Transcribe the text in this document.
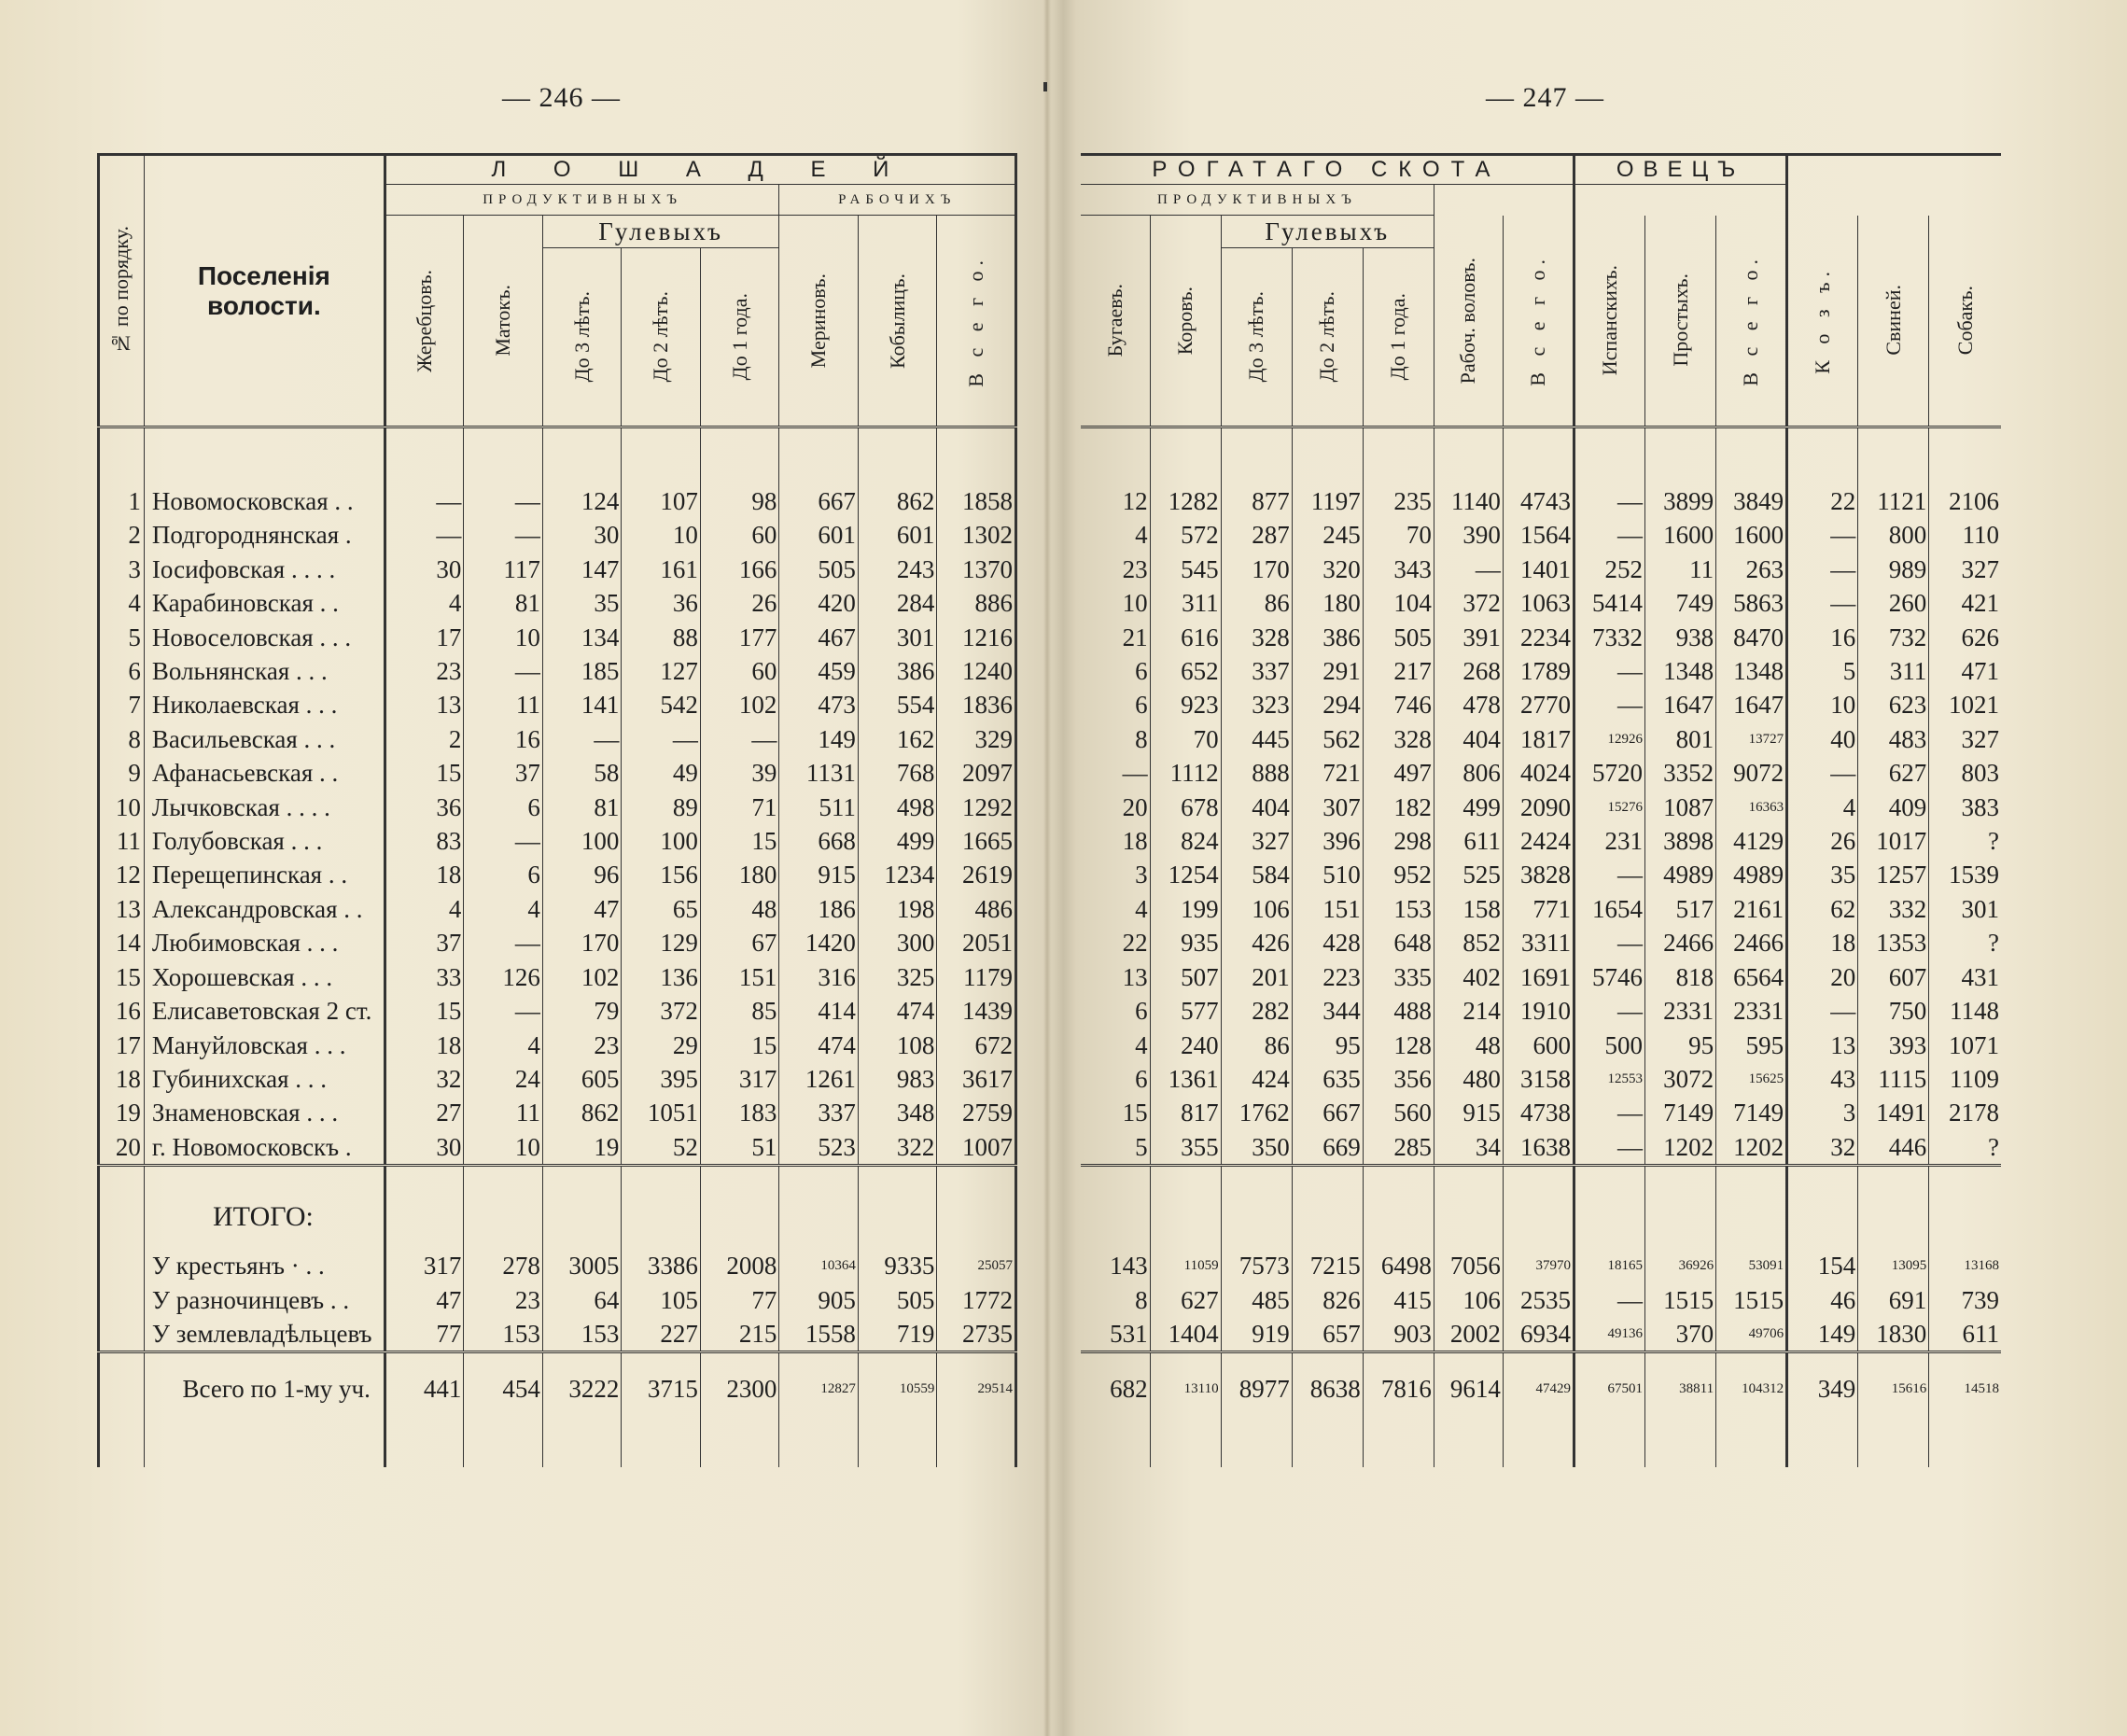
— 246 —	— 247 —
№ по порядку.	Поселенія волости.	Л О Ш А Д Е Й							
		ПРОДУКТИВНЫХЪ					РАБОЧИХЪ		

		Жеребцовъ.	Матокъ.	Гулевыхъ			Мериновъ.	Кобылицъ.	В с е г о.

				До 3 лѣтъ.	До 2 лѣтъ.	До 1 года.			

1	Новомосковская . .	—	—	124	107	98	667	862	1858
2	Подгороднянская .	—	—	30	10	60	601	601	1302
3	Іосифовская . . . .	30	117	147	161	166	505	243	1370
4	Карабиновская . .	4	81	35	36	26	420	284	886
5	Новоселовская . . .	17	10	134	88	177	467	301	1216
6	Вольнянская . . .	23	—	185	127	60	459	386	1240
7	Николаевская . . .	13	11	141	542	102	473	554	1836
8	Васильевская . . .	2	16	—	—	—	149	162	329
9	Афанасьевская . .	15	37	58	49	39	1131	768	2097
10	Лычковская . . . .	36	6	81	89	71	511	498	1292
11	Голубовская . . .	83	—	100	100	15	668	499	1665
12	Перещепинская . .	18	6	96	156	180	915	1234	2619
13	Александровская . .	4	4	47	65	48	186	198	486
14	Любимовская . . .	37	—	170	129	67	1420	300	2051
15	Хорошевская . . .	33	126	102	136	151	316	325	1179
16	Елисаветовская 2 ст.	15	—	79	372	85	414	474	1439
17	Мануйловская . . .	18	4	23	29	15	474	108	672
18	Губинихская . . .	32	24	605	395	317	1261	983	3617
19	Знаменовская . . .	27	11	862	1051	183	337	348	2759
20	г. Новомосковскъ .	30	10	19	52	51	523	322	1007
	ИТОГО:								

	У крестьянъ · . .	317	278	3005	3386	2008	10364	9335	25057
	У разночинцевъ . .	47	23	64	105	77	905	505	1772
	У землевладѣльцевъ	77	153	153	227	215	1558	719	2735
	Всего по 1-му уч.	441	454	3222	3715	2300	12827	10559	29514

РОГАТАГО СКОТА							ОВЕЦЪ					
ПРОДУКТИВНЫХЪ												

Бугаевъ.	Коровъ.	Гулевыхъ			Рабоч. воловъ.	В с е г о.	Испанскихъ.	Простыхъ.	В с е г о.	К о з ъ.	Свиней.	Собакъ.

		До 3 лѣтъ.	До 2 лѣтъ.	До 1 года.								

12	1282	877	1197	235	1140	4743	—	3899	3849	22	1121	2106
4	572	287	245	70	390	1564	—	1600	1600	—	800	110
23	545	170	320	343	—	1401	252	11	263	—	989	327
10	311	86	180	104	372	1063	5414	749	5863	—	260	421
21	616	328	386	505	391	2234	7332	938	8470	16	732	626
6	652	337	291	217	268	1789	—	1348	1348	5	311	471
6	923	323	294	746	478	2770	—	1647	1647	10	623	1021
8	70	445	562	328	404	1817	12926	801	13727	40	483	327
—	1112	888	721	497	806	4024	5720	3352	9072	—	627	803
20	678	404	307	182	499	2090	15276	1087	16363	4	409	383
18	824	327	396	298	611	2424	231	3898	4129	26	1017	?
3	1254	584	510	952	525	3828	—	4989	4989	35	1257	1539
4	199	106	151	153	158	771	1654	517	2161	62	332	301
22	935	426	428	648	852	3311	—	2466	2466	18	1353	?
13	507	201	223	335	402	1691	5746	818	6564	20	607	431
6	577	282	344	488	214	1910	—	2331	2331	—	750	1148
4	240	86	95	128	48	600	500	95	595	13	393	1071
6	1361	424	635	356	480	3158	12553	3072	15625	43	1115	1109
15	817	1762	667	560	915	4738	—	7149	7149	3	1491	2178
5	355	350	669	285	34	1638	—	1202	1202	32	446	?

143	11059	7573	7215	6498	7056	37970	18165	36926	53091	154	13095	13168
8	627	485	826	415	106	2535	—	1515	1515	46	691	739
531	1404	919	657	903	2002	6934	49136	370	49706	149	1830	611
682	13110	8977	8638	7816	9614	47429	67501	38811	104312	349	15616	14518
